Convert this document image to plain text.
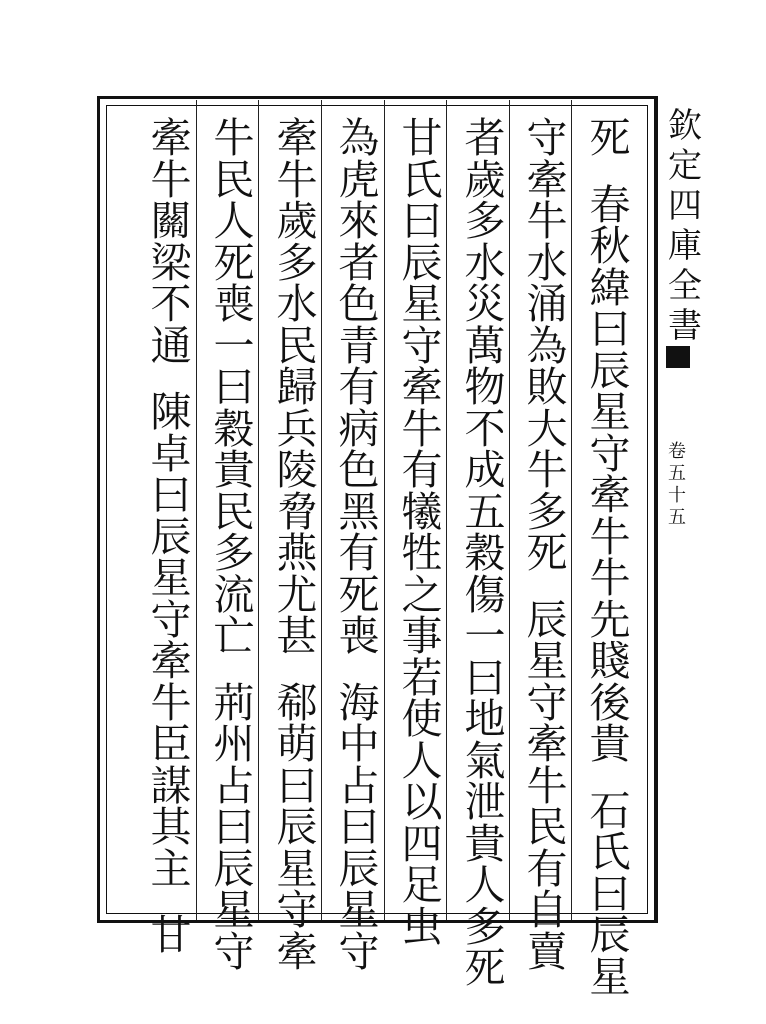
欽
定
四
庫
全
書
卷
五
十
五
死
春
秋
緯
曰
辰
星
守
牽
牛
牛
先
賤
後
貴
石
氏
曰
辰
星
守
牽
牛
水
涌
為
敗
大
牛
多
死
辰
星
守
牽
牛
民
有
自
賣
者
歲
多
水
災
萬
物
不
成
五
穀
傷
一
曰
地
氣
泄
貴
人
多
死
甘
氏
曰
辰
星
守
牽
牛
有
犧
牲
之
事
若
使
人
以
四
足
虫
為
虎
來
者
色
青
有
病
色
黑
有
死
喪
海
中
占
曰
辰
星
守
牽
牛
歲
多
水
民
歸
兵
陵
脅
燕
尤
甚
郗
萌
曰
辰
星
守
牽
牛
民
人
死
喪
一
曰
穀
貴
民
多
流
亡
荊
州
占
曰
辰
星
守
牽
牛
關
梁
不
通
陳
卓
曰
辰
星
守
牽
牛
臣
謀
其
主
甘
